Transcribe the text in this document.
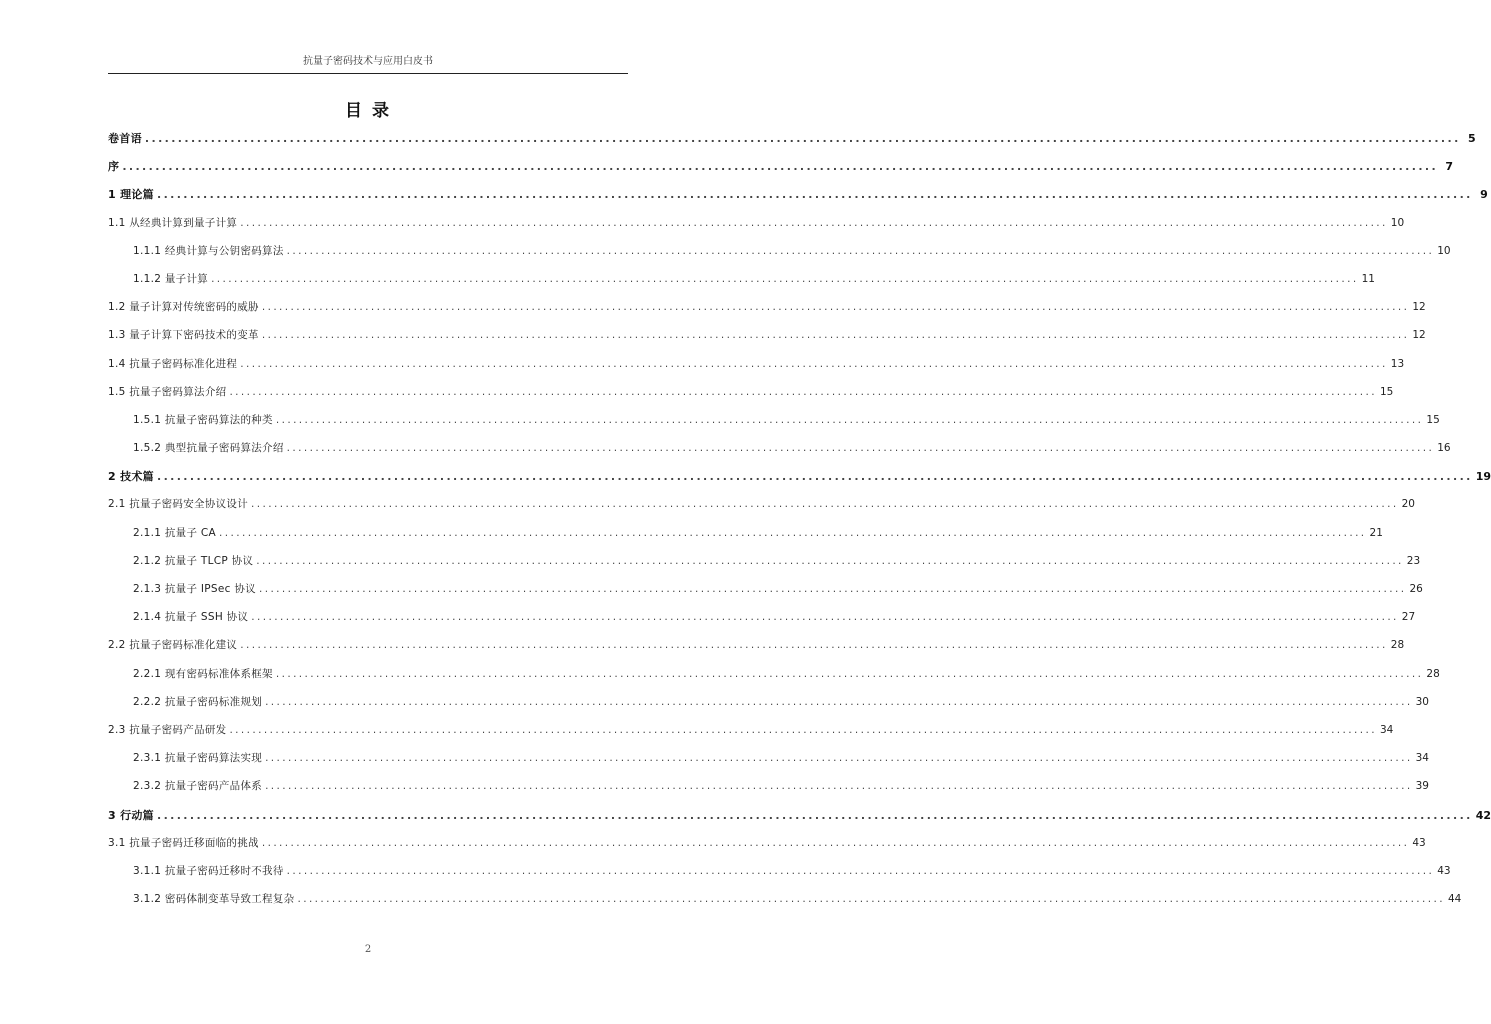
抗量子密码技术与应用白皮书
目 录
卷首语 ........................................................................................................................................................................................................ 5
序 ........................................................................................................................................................................................................ 7
1 理论篇 ........................................................................................................................................................................................................ 9
1.1 从经典计算到量子计算 ........................................................................................................................................................................................................ 10
1.1.1 经典计算与公钥密码算法 ........................................................................................................................................................................................................ 10
1.1.2 量子计算 ........................................................................................................................................................................................................ 11
1.2 量子计算对传统密码的威胁 ........................................................................................................................................................................................................ 12
1.3 量子计算下密码技术的变革 ........................................................................................................................................................................................................ 12
1.4 抗量子密码标准化进程 ........................................................................................................................................................................................................ 13
1.5 抗量子密码算法介绍 ........................................................................................................................................................................................................ 15
1.5.1 抗量子密码算法的种类 ........................................................................................................................................................................................................ 15
1.5.2 典型抗量子密码算法介绍 ........................................................................................................................................................................................................ 16
2 技术篇 ........................................................................................................................................................................................................ 19
2.1 抗量子密码安全协议设计 ........................................................................................................................................................................................................ 20
2.1.1 抗量子 CA ........................................................................................................................................................................................................ 21
2.1.2 抗量子 TLCP 协议 ........................................................................................................................................................................................................ 23
2.1.3 抗量子 IPSec 协议 ........................................................................................................................................................................................................ 26
2.1.4 抗量子 SSH 协议 ........................................................................................................................................................................................................ 27
2.2 抗量子密码标准化建议 ........................................................................................................................................................................................................ 28
2.2.1 现有密码标准体系框架 ........................................................................................................................................................................................................ 28
2.2.2 抗量子密码标准规划 ........................................................................................................................................................................................................ 30
2.3 抗量子密码产品研发 ........................................................................................................................................................................................................ 34
2.3.1 抗量子密码算法实现 ........................................................................................................................................................................................................ 34
2.3.2 抗量子密码产品体系 ........................................................................................................................................................................................................ 39
3 行动篇 ........................................................................................................................................................................................................ 42
3.1 抗量子密码迁移面临的挑战 ........................................................................................................................................................................................................ 43
3.1.1 抗量子密码迁移时不我待 ........................................................................................................................................................................................................ 43
3.1.2 密码体制变革导致工程复杂 ........................................................................................................................................................................................................ 44
2
